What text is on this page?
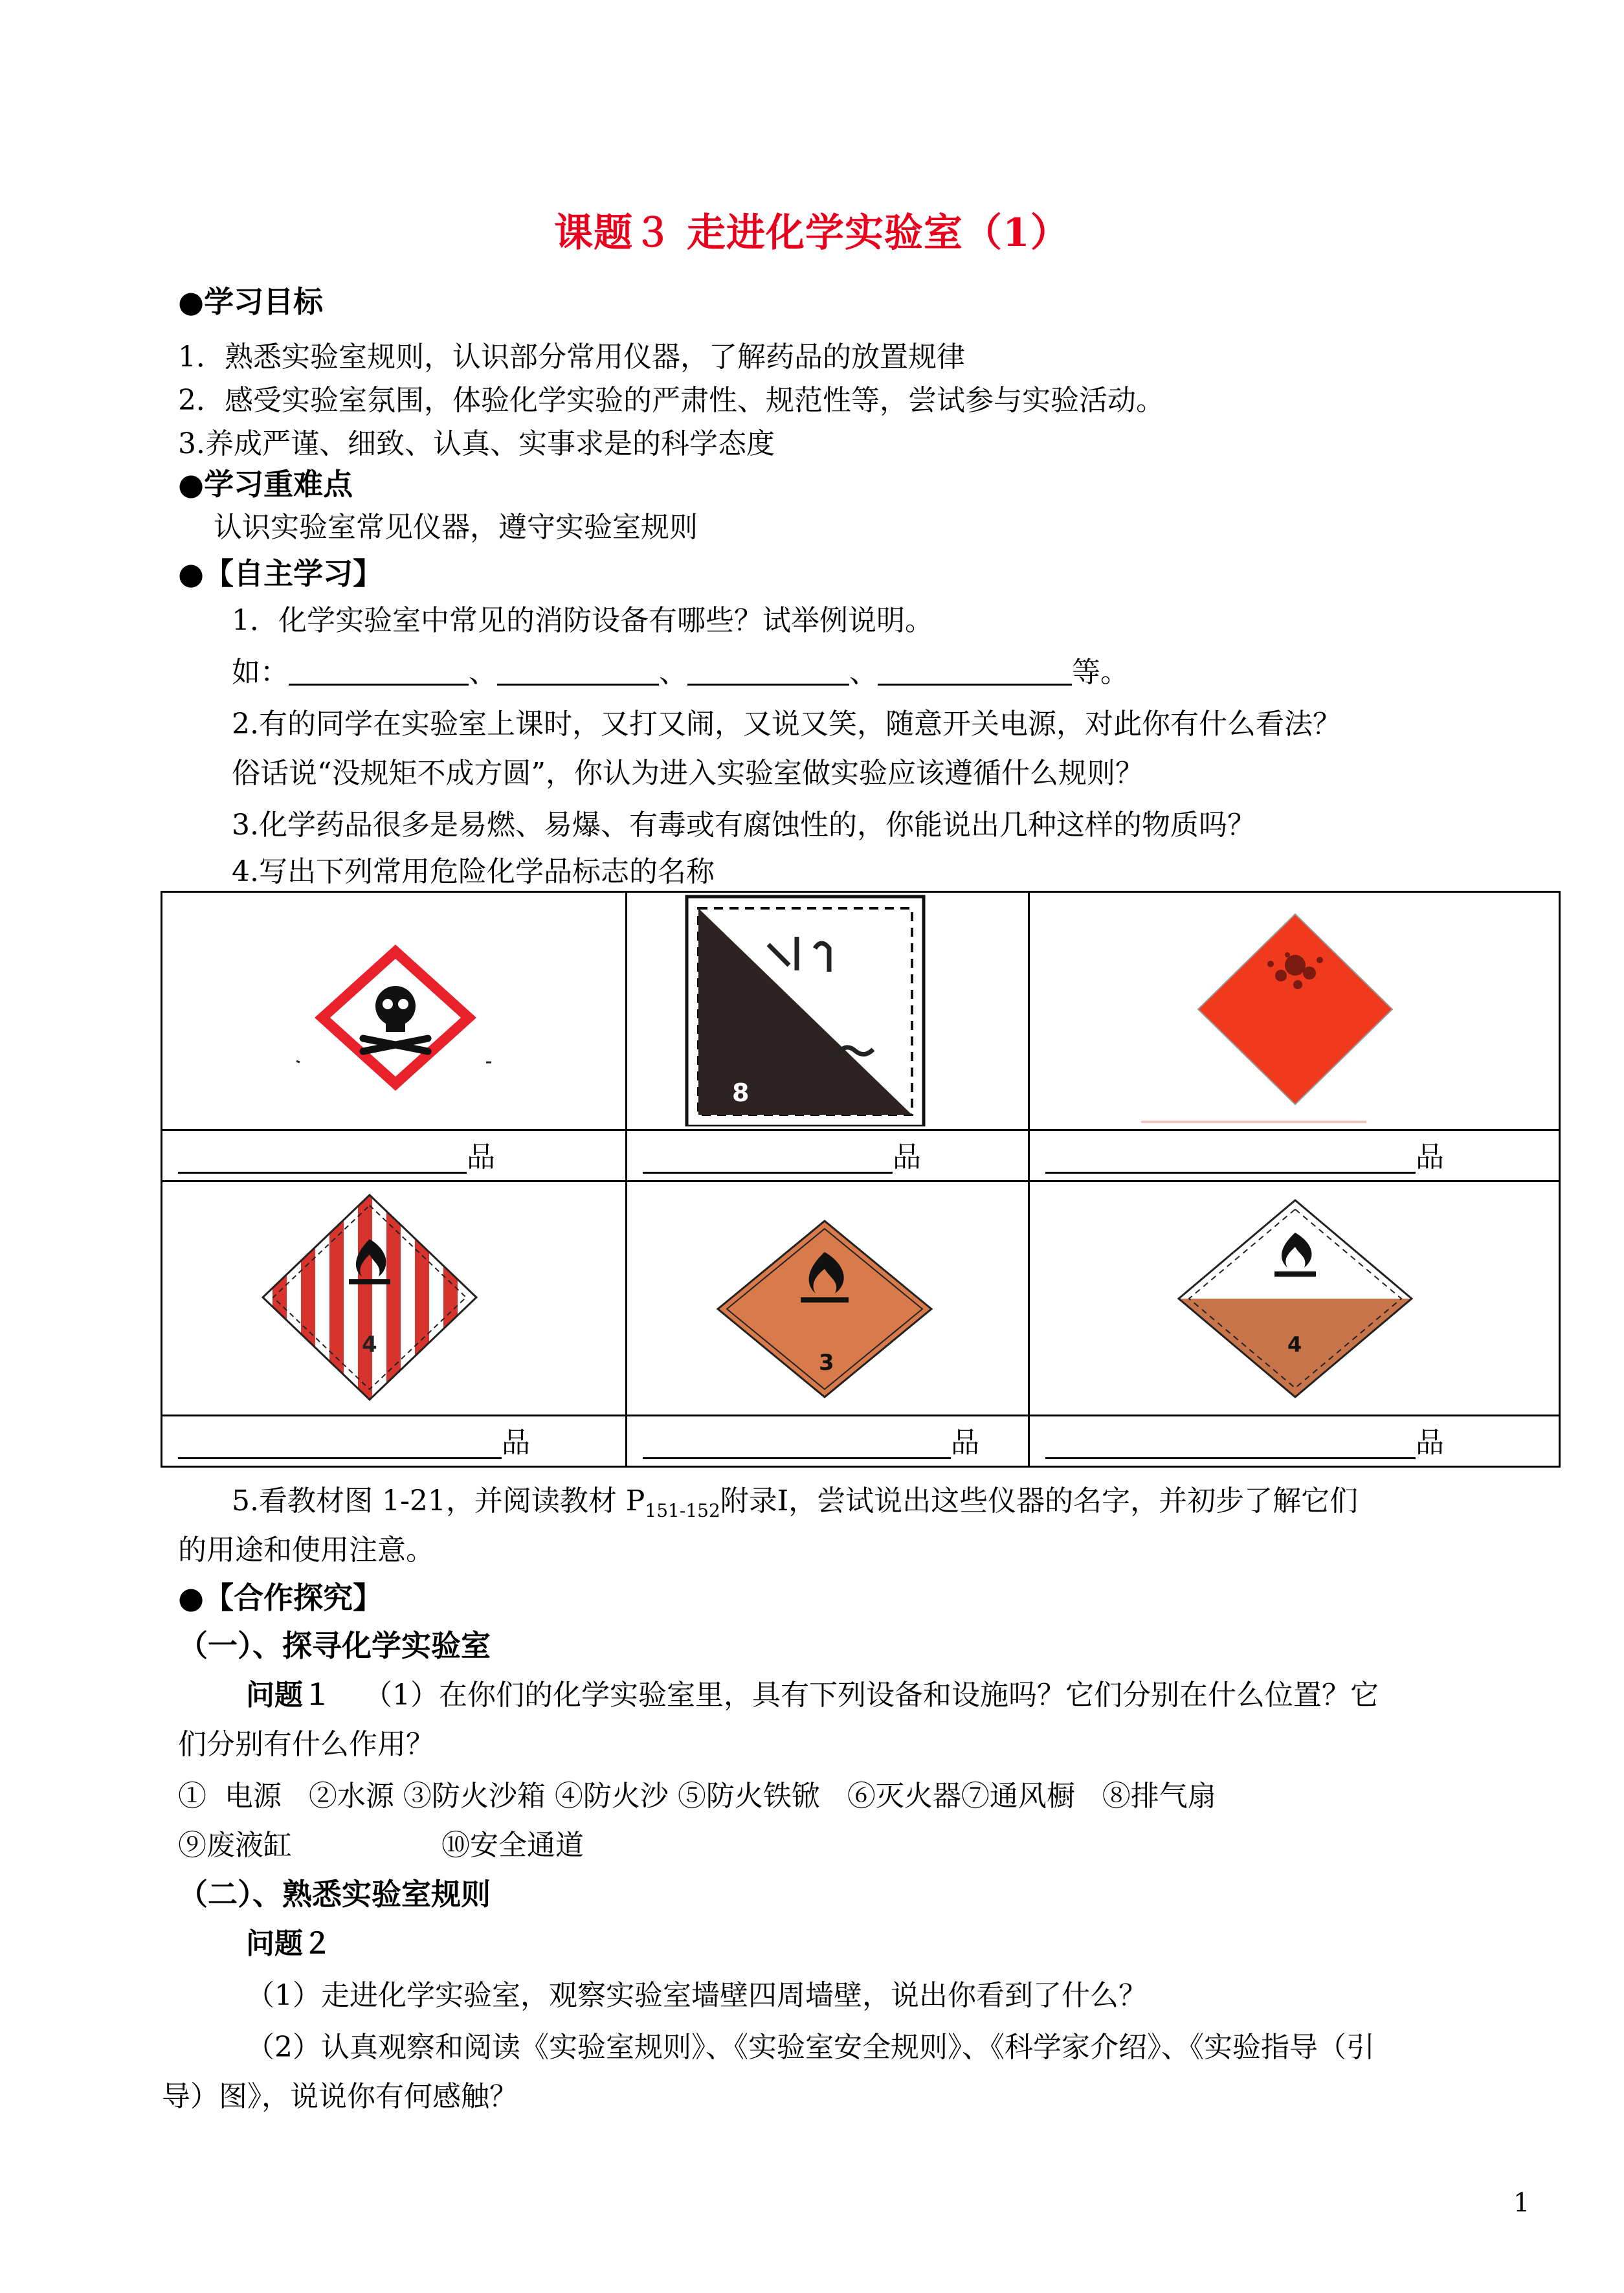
课题３ 走进化学实验室（1）
●学习目标
1．熟悉实验室规则，认识部分常用仪器，了解药品的放置规律
2．感受实验室氛围，体验化学实验的严肃性、规范性等，尝试参与实验活动。
3.养成严谨、细致、认真、实事求是的科学态度
●学习重难点
认识实验室常见仪器，遵守实验室规则
●【自主学习】
1．化学实验室中常见的消防设备有哪些？试举例说明。
如：	、	、	、	等。
2.有的同学在实验室上课时，又打又闹，又说又笑，随意开关电源，对此你有什么看法？
俗话说“没规矩不成方圆”，你认为进入实验室做实验应该遵循什么规则？
3.化学药品很多是易燃、易爆、有毒或有腐蚀性的，你能说出几种这样的物质吗？
4.写出下列常用危险化学品标志的名称

8

品	品	品

4	3	4

品	品	品
5.看教材图 1-21，并阅读教材 $P_{151-152}$附录Ⅰ，尝试说出这些仪器的名字，并初步了解它们
的用途和使用注意。
●【合作探究】
（一）、探寻化学实验室
问题１ （1）在你们的化学实验室里，具有下列设备和设施吗？它们分别在什么位置？它
们分别有什么作用？
①  电源   ②水源 ③防火沙箱 ④防火沙 ⑤防火铁锨   ⑥灭火器⑦通风橱   ⑧排气扇
⑨废液缸	⑩安全通道
（二）、熟悉实验室规则
问题２
（1）走进化学实验室，观察实验室墙壁四周墙壁，说出你看到了什么？
（2）认真观察和阅读《实验室规则》、《实验室安全规则》、《科学家介绍》、《实验指导（引
导）图》，说说你有何感触？
1
